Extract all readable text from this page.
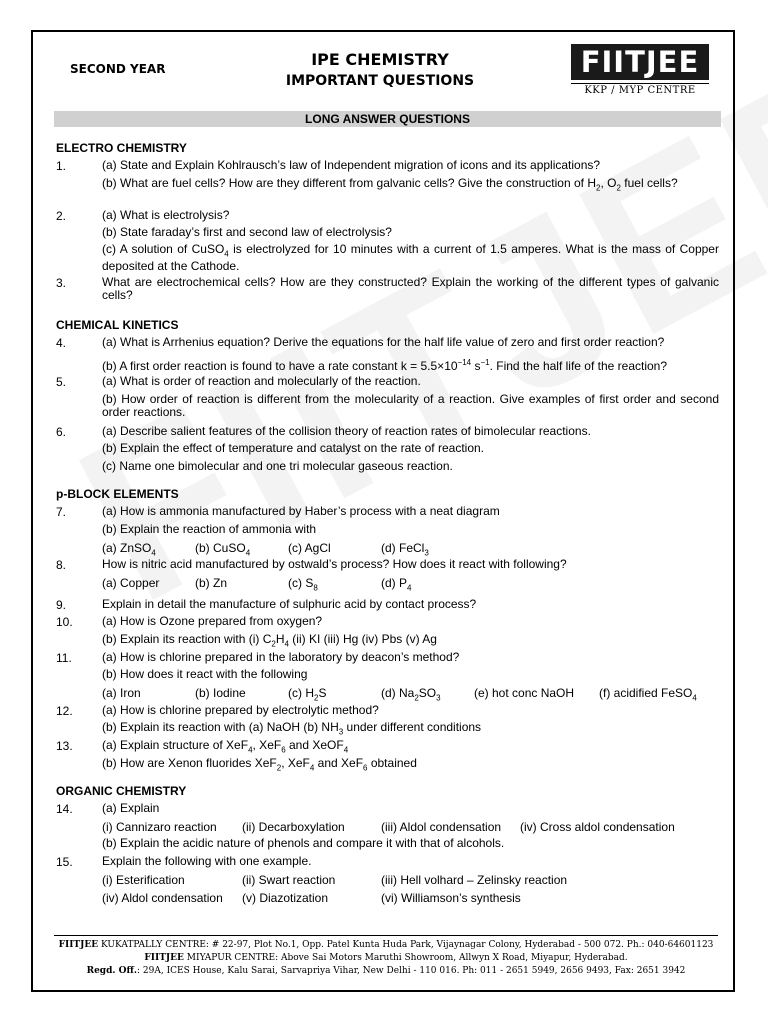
SECOND YEAR	IPE CHEMISTRY
IMPORTANT QUESTIONS
FIITJEE
KKP / MYP CENTRE
LONG ANSWER QUESTIONS
ELECTRO CHEMISTRY
1.	(a) State and Explain Kohlrausch’s law of Independent migration of icons and its applications?
(b) What are fuel cells? How are they different from galvanic cells? Give the construction of $H_2$, $O_2$ fuel cells?
2.	(a) What is electrolysis?
(b) State faraday’s first and second law of electrolysis?
(c) A solution of CuSO$_4$ is electrolyzed for 10 minutes with a current of 1.5 amperes. What is the mass of Copper deposited at the Cathode.
3.	What are electrochemical cells? How are they constructed? Explain the working of the different types of galvanic cells?
CHEMICAL KINETICS
4.	(a) What is Arrhenius equation? Derive the equations for the half life value of zero and first order reaction?
(b) A first order reaction is found to have a rate constant $k = 5.5\times 10^{-14}$ $s^{-1}$. Find the half life of the reaction?
5.	(a) What is order of reaction and molecularly of the reaction.
(b) How order of reaction is different from the molecularity of a reaction. Give examples of first order and second order reactions.
6.	(a) Describe salient features of the collision theory of reaction rates of bimolecular reactions.
(b) Explain the effect of temperature and catalyst on the rate of reaction.
(c) Name one bimolecular and one tri molecular gaseous reaction.
p-BLOCK ELEMENTS
7.	(a) How is ammonia manufactured by Haber’s process with a neat diagram
(b) Explain the reaction of ammonia with
(a) ZnSO$_4$	(b) CuSO$_4$	(c) AgCl	(d) FeCl$_3$
8.	How is nitric acid manufactured by ostwald’s process? How does it react with following?
(a) Copper	(b) Zn	(c) $S_8$	(d) $P_4$
9.	Explain in detail the manufacture of sulphuric acid by contact process?
10. (a) How is Ozone prepared from oxygen?
(b) Explain its reaction with (i) $C_2H_4$ (ii) KI (iii) Hg (iv) Pbs (v) Ag
11.	(a) How is chlorine prepared in the laboratory by deacon’s method?
(b) How does it react with the following
(a) Iron	(b) Iodine	(c) $H_2S$	(d) $Na_2SO_3$	(e) hot conc NaOH (f) acidified FeSO$_4$
12. (a) How is chlorine prepared by electrolytic method?
(b) Explain its reaction with (a) NaOH (b) $NH_3$ under different conditions
13. (a) Explain structure of XeF$_4$, XeF$_6$ and XeOF$_4$
(b) How are Xenon fluorides XeF$_2$, XeF$_4$ and XeF$_6$ obtained
ORGANIC CHEMISTRY
14. (a) Explain
(i) Cannizaro reaction (ii) Decarboxylation	(iii) Aldol condensation (iv) Cross aldol condensation
(b) Explain the acidic nature of phenols and compare it with that of alcohols.
15. Explain the following with one example.
(i) Esterification	(ii) Swart reaction	(iii) Hell volhard – Zelinsky reaction
(iv) Aldol condensation (v) Diazotization	(vi) Williamson’s synthesis
FIITJEE KUKATPALLY CENTRE: # 22-97, Plot No.1, Opp. Patel Kunta Huda Park, Vijaynagar Colony, Hyderabad - 500 072. Ph.: 040-64601123
FIITJEE MIYAPUR CENTRE: Above Sai Motors Maruthi Showroom, Allwyn X Road, Miyapur, Hyderabad.
Regd. Off.: 29A, ICES House, Kalu Sarai, Sarvapriya Vihar, New Delhi - 110 016. Ph: 011 - 2651 5949, 2656 9493, Fax: 2651 3942
